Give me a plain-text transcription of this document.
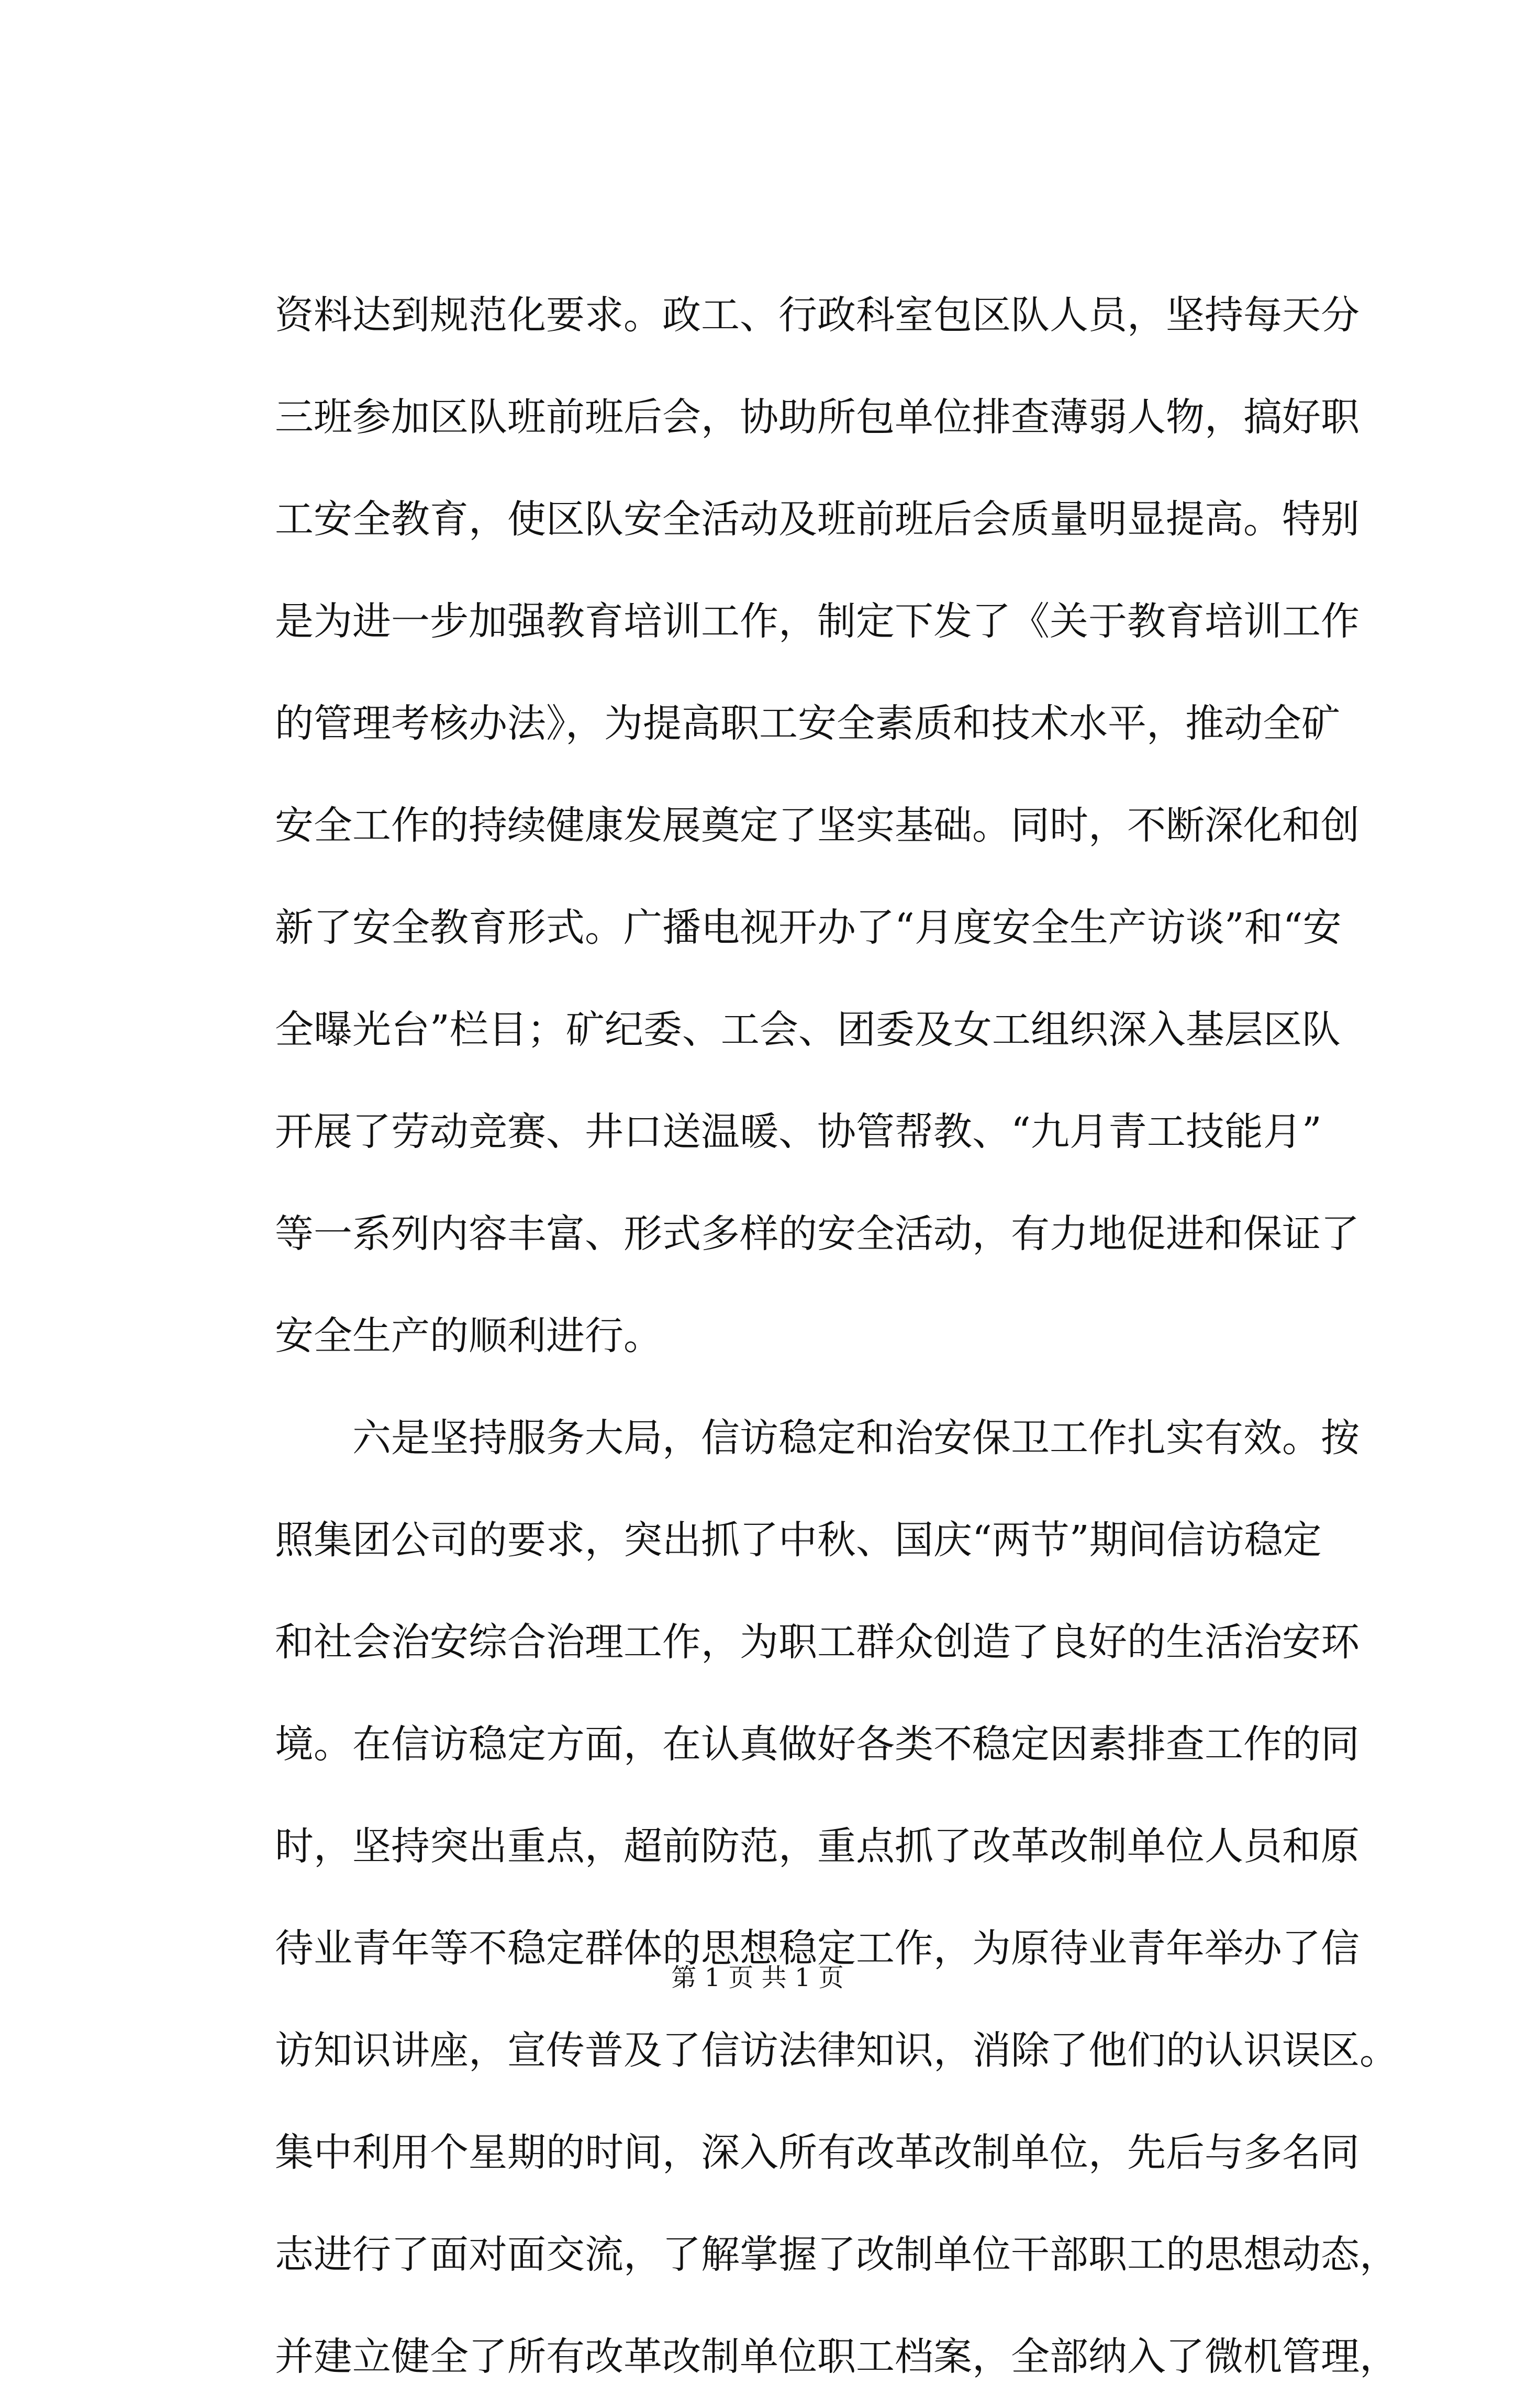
资料达到规范化要求。政工、行政科室包区队人员，坚持每天分
三班参加区队班前班后会，协助所包单位排查薄弱人物，搞好职
工安全教育，使区队安全活动及班前班后会质量明显提高。特别
是为进一步加强教育培训工作，制定下发了《关于教育培训工作
的管理考核办法》，为提高职工安全素质和技术水平，推动全矿
安全工作的持续健康发展奠定了坚实基础。同时，不断深化和创
新了安全教育形式。广播电视开办了“月度安全生产访谈”和“安
全曝光台”栏目；矿纪委、工会、团委及女工组织深入基层区队
开展了劳动竞赛、井口送温暖、协管帮教、“九月青工技能月”
等一系列内容丰富、形式多样的安全活动，有力地促进和保证了
安全生产的顺利进行。
　　六是坚持服务大局，信访稳定和治安保卫工作扎实有效。按
照集团公司的要求，突出抓了中秋、国庆“两节”期间信访稳定
和社会治安综合治理工作，为职工群众创造了良好的生活治安环
境。在信访稳定方面，在认真做好各类不稳定因素排查工作的同
时，坚持突出重点，超前防范，重点抓了改革改制单位人员和原
待业青年等不稳定群体的思想稳定工作，为原待业青年举办了信
访知识讲座，宣传普及了信访法律知识，消除了他们的认识误区。
集中利用个星期的时间，深入所有改革改制单位，先后与多名同
志进行了面对面交流，了解掌握了改制单位干部职工的思想动态，
并建立健全了所有改革改制单位职工档案，全部纳入了微机管理，
第 1 页 共 1 页
